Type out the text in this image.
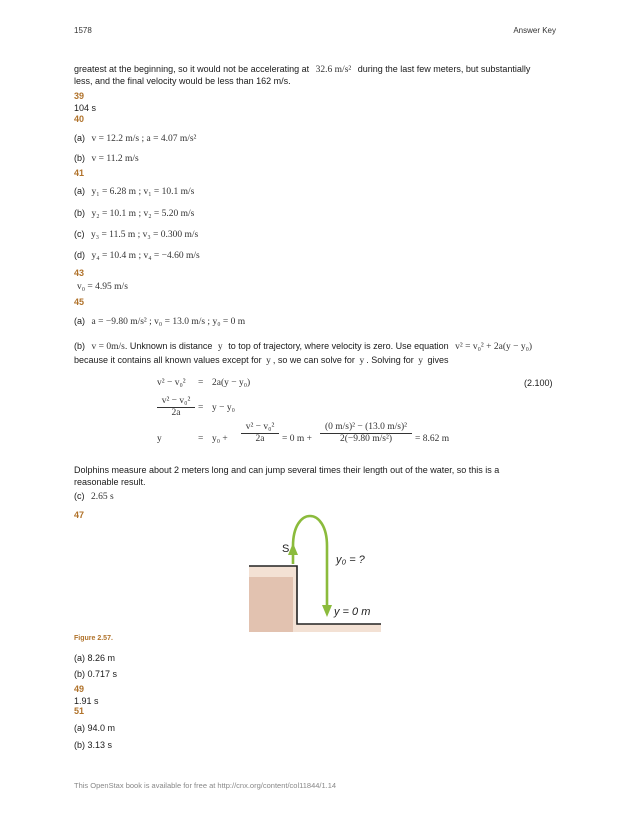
1578	Answer Key
greatest at the beginning, so it would not be accelerating at 32.6 m/s² during the last few meters, but substantially
less, and the final velocity would be less than 162 m/s.
39
104 s
40
(a) v = 12.2 m/s ; a = 4.07 m/s²
(b) v = 11.2 m/s
41
(a) y₁ = 6.28 m ; v₁ = 10.1 m/s
(b) y₂ = 10.1 m ; v₂ = 5.20 m/s
(c) y₃ = 11.5 m ; v₃ = 0.300 m/s
(d) y₄ = 10.4 m ; v₄ = −4.60 m/s
43
v₀ = 4.95 m/s
45
(a) a = −9.80 m/s² ; v₀ = 13.0 m/s ; y₀ = 0 m
(b) v = 0m/s. Unknown is distance y to top of trajectory, where velocity is zero. Use equation v² = v₀² + 2a(y − y₀)
because it contains all known values except for y , so we can solve for y . Solving for y gives
(2.100)
v² − v₀² = 2a(y − y₀)
$\frac{\text{v² − v₀²}}{2a} = y - y_0$
y	= $y_0 + \frac{\text{v² − v₀²}}{2a} = 0$ $m + \frac{\text{(0 m/s)² − (13.0 m/s)²}}{\text{2(−9.80 m/s²)}} = 8.62$ m
Dolphins measure about 2 meters long and can jump several times their length out of the water, so this is a
reasonable result.
(c) 2.65 s
47
S
y₀ = ?
y = 0 m
Figure 2.57.
(a) 8.26 m
(b) 0.717 s
49
1.91 s
51
(a) 94.0 m
(b) 3.13 s
This OpenStax book is available for free at http://cnx.org/content/col11844/1.14
